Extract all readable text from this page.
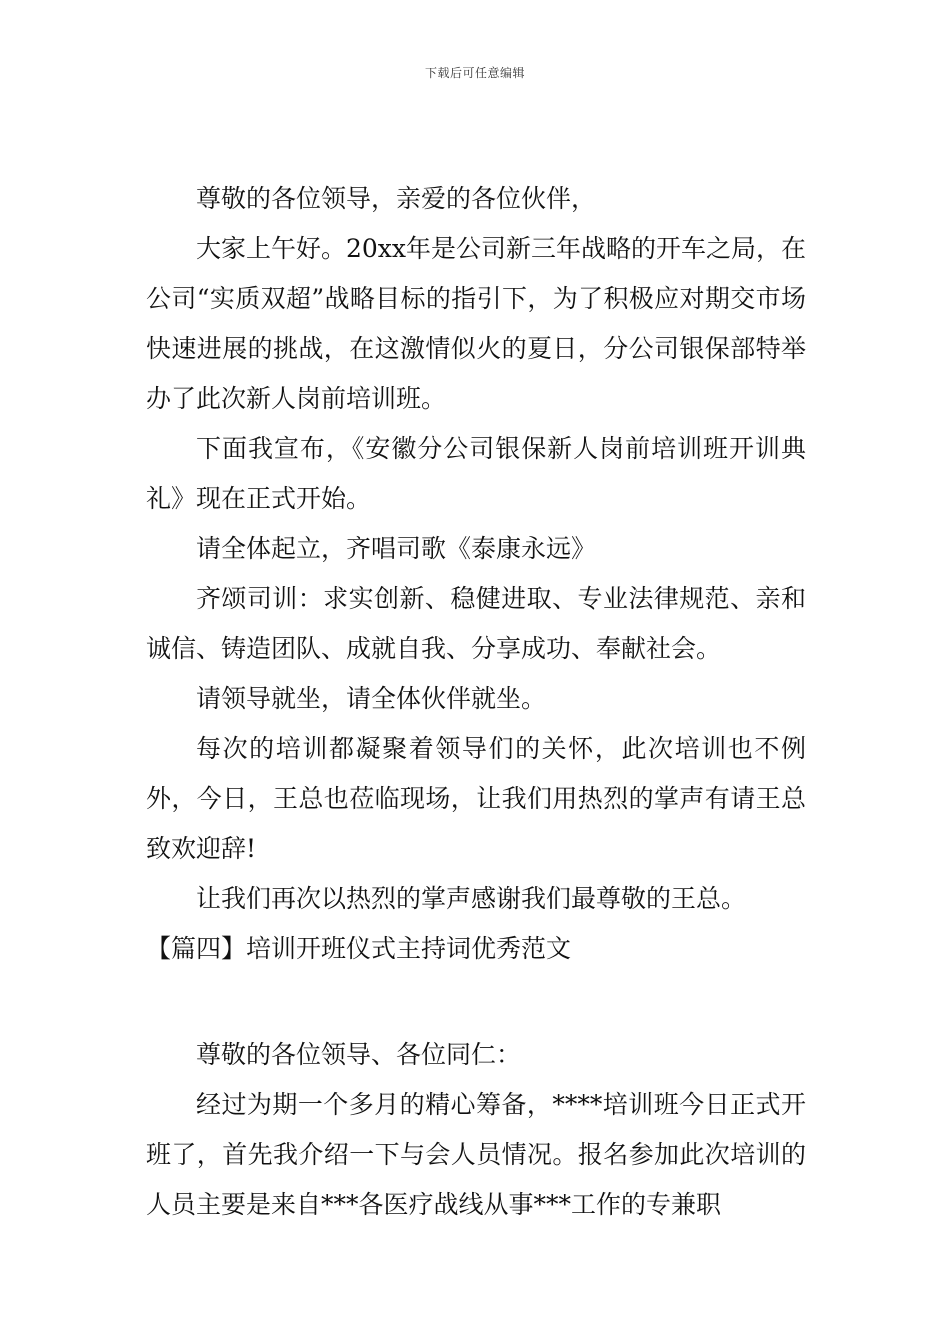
下载后可任意编辑

尊敬的各位领导，亲爱的各位伙伴，

大家上午好。20xx年是公司新三年战略的开车之局，在公司“实质双超”战略目标的指引下，为了积极应对期交市场快速进展的挑战，在这激情似火的夏日，分公司银保部特举办了此次新人岗前培训班。

下面我宣布，《安徽分公司银保新人岗前培训班开训典礼》现在正式开始。

请全体起立，齐唱司歌《泰康永远》

齐颂司训：求实创新、稳健进取、专业法律规范、亲和诚信、铸造团队、成就自我、分享成功、奉献社会。

请领导就坐，请全体伙伴就坐。

每次的培训都凝聚着领导们的关怀，此次培训也不例外，今日，王总也莅临现场，让我们用热烈的掌声有请王总致欢迎辞!

让我们再次以热烈的掌声感谢我们最尊敬的王总。

【篇四】培训开班仪式主持词优秀范文

尊敬的各位领导、各位同仁：

经过为期一个多月的精心筹备，****培训班今日正式开班了，首先我介绍一下与会人员情况。报名参加此次培训的人员主要是来自***各医疗战线从事***工作的专兼职
